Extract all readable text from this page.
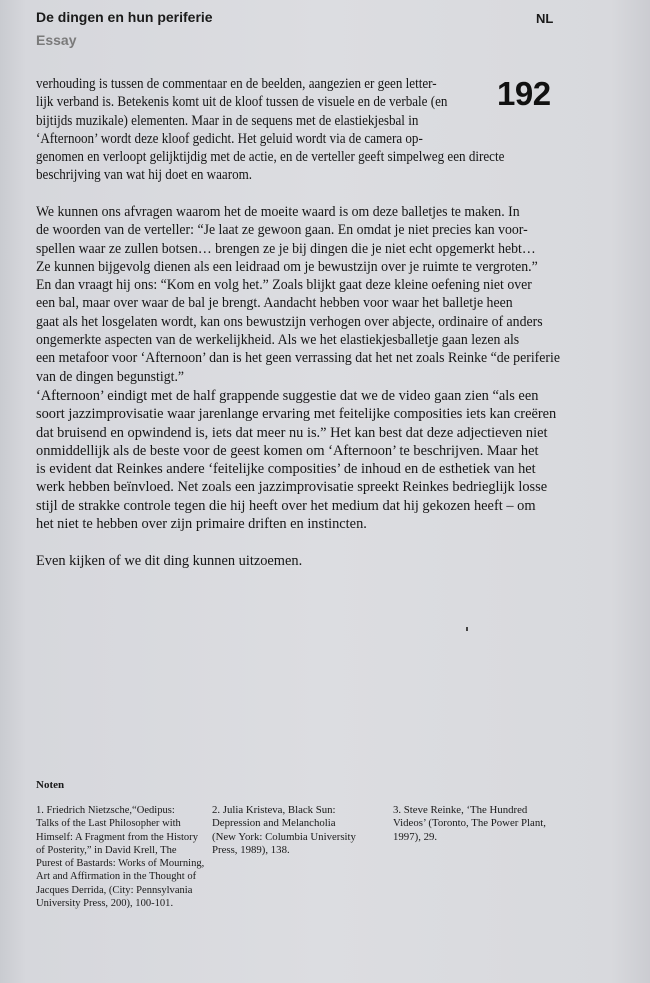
De dingen en hun periferie
Essay
NL
192

verhouding is tussen de commentaar en de beelden, aangezien er geen letter-
lijk verband is. Betekenis komt uit de kloof tussen de visuele en de verbale (en
bijtijds muzikale) elementen. Maar in de sequens met de elastiekjesbal in
‘Afternoon’ wordt deze kloof gedicht. Het geluid wordt via de camera op-
genomen en verloopt gelijktijdig met de actie, en de verteller geeft simpelweg een directe
beschrijving van wat hij doet en waarom.

We kunnen ons afvragen waarom het de moeite waard is om deze balletjes te maken. In
de woorden van de verteller: “Je laat ze gewoon gaan. En omdat je niet precies kan voor-
spellen waar ze zullen botsen… brengen ze je bij dingen die je niet echt opgemerkt hebt…
Ze kunnen bijgevolg dienen als een leidraad om je bewustzijn over je ruimte te vergroten.”
En dan vraagt hij ons: “Kom en volg het.” Zoals blijkt gaat deze kleine oefening niet over
een bal, maar over waar de bal je brengt. Aandacht hebben voor waar het balletje heen
gaat als het losgelaten wordt, kan ons bewustzijn verhogen over abjecte, ordinaire of anders
ongemerkte aspecten van de werkelijkheid. Als we het elastiekjesballetje gaan lezen als
een metafoor voor ‘Afternoon’ dan is het geen verrassing dat het net zoals Reinke “de periferie
van de dingen begunstigt.”

‘Afternoon’ eindigt met de half grappende suggestie dat we de video gaan zien “als een
soort jazzimprovisatie waar jarenlange ervaring met feitelijke composities iets kan creëren
dat bruisend en opwindend is, iets dat meer nu is.” Het kan best dat deze adjectieven niet
onmiddellijk als de beste voor de geest komen om ‘Afternoon’ te beschrijven. Maar het
is evident dat Reinkes andere ‘feitelijke composities’ de inhoud en de esthetiek van het
werk hebben beïnvloed. Net zoals een jazzimprovisatie spreekt Reinkes bedrieglijk losse
stijl de strakke controle tegen die hij heeft over het medium dat hij gekozen heeft – om
het niet te hebben over zijn primaire driften en instincten.

Even kijken of we dit ding kunnen uitzoemen.

Noten
1. Friedrich Nietzsche,“Oedipus:
Talks of the Last Philosopher with
Himself: A Fragment from the History
of Posterity,” in David Krell, The
Purest of Bastards: Works of Mourning,
Art and Affirmation in the Thought of
Jacques Derrida, (City: Pennsylvania
University Press, 200), 100-101.
2. Julia Kristeva, Black Sun:
Depression and Melancholia
(New York: Columbia University
Press, 1989), 138.
3. Steve Reinke, ‘The Hundred
Videos’ (Toronto, The Power Plant,
1997), 29.
